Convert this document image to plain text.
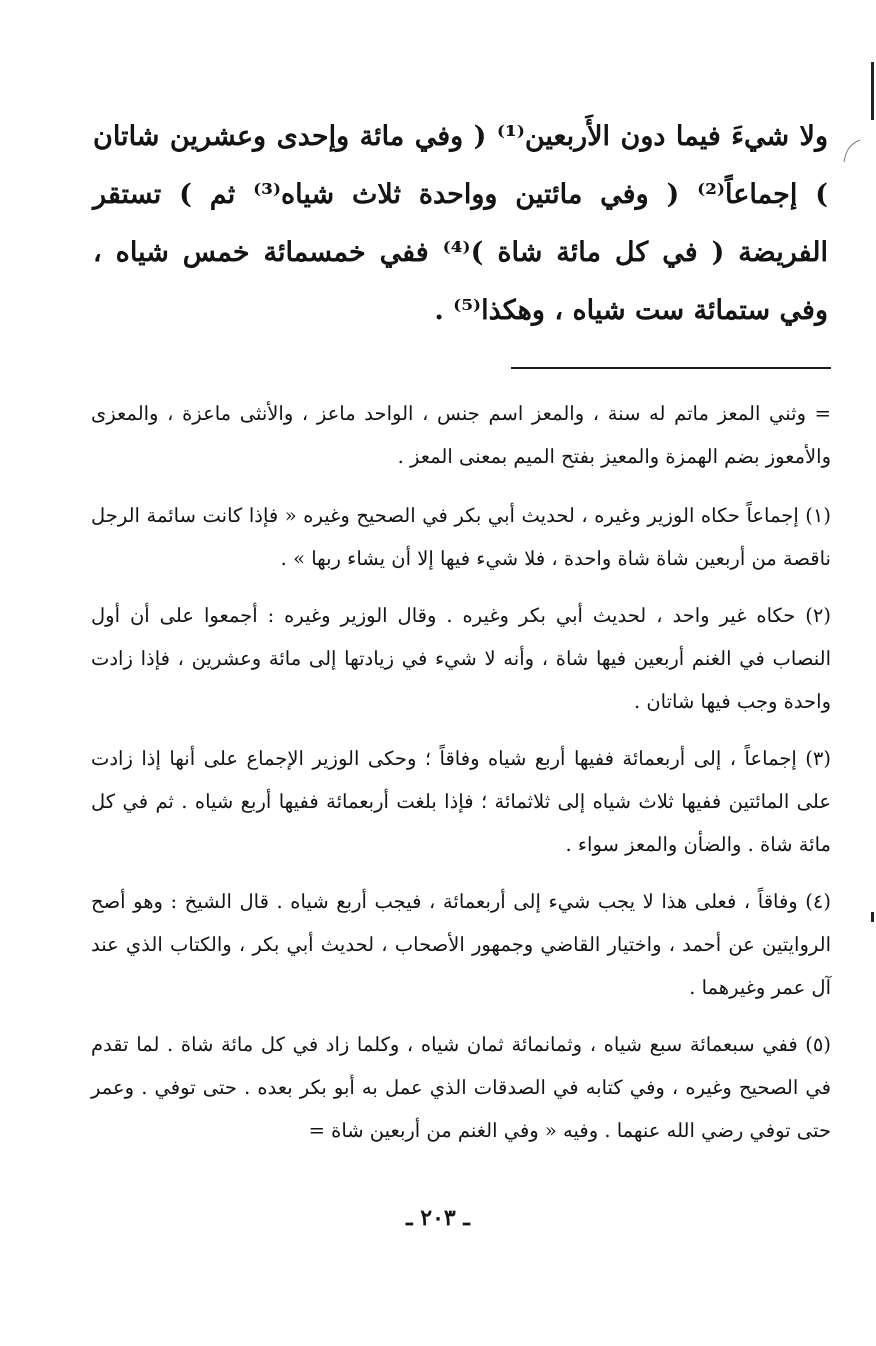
ولا شيءَ فيما دون الأَربعين⁽¹⁾ ( وفي مائة وإحدى وعشرين شاتان ) إجماعاً⁽²⁾ ( وفي مائتين وواحدة ثلاث شياه⁽³⁾ ثم ) تستقر الفريضة ( في كل مائة شاة )⁽⁴⁾ ففي خمسمائة خمس شياه ، وفي ستمائة ست شياه ، وهكذا⁽⁵⁾ .

= وثني المعز ماتم له سنة ، والمعز اسم جنس ، الواحد ماعز ، والأنثى ماعزة ، والمعزى والأمعوز بضم الهمزة والمعيز بفتح الميم بمعنى المعز .

(١) إجماعاً حكاه الوزير وغيره ، لحديث أبي بكر في الصحيح وغيره « فإذا كانت سائمة الرجل ناقصة من أربعين شاة شاة واحدة ، فلا شيء فيها إلا أن يشاء ربها » .

(٢) حكاه غير واحد ، لحديث أبي بكر وغيره . وقال الوزير وغيره : أجمعوا على أن أول النصاب في الغنم أربعين فيها شاة ، وأنه لا شيء في زيادتها إلى مائة وعشرين ، فإذا زادت واحدة وجب فيها شاتان .

(٣) إجماعاً ، إلى أربعمائة ففيها أربع شياه وفاقاً ؛ وحكى الوزير الإجماع على أنها إذا زادت على المائتين ففيها ثلاث شياه إلى ثلاثمائة ؛ فإذا بلغت أربعمائة ففيها أربع شياه . ثم في كل مائة شاة . والضأن والمعز سواء .

(٤) وفاقاً ، فعلى هذا لا يجب شيء إلى أربعمائة ، فيجب أربع شياه . قال الشيخ : وهو أصح الروايتين عن أحمد ، واختيار القاضي وجمهور الأصحاب ، لحديث أبي بكر ، والكتاب الذي عند آل عمر وغيرهما .

(٥) ففي سبعمائة سبع شياه ، وثمانمائة ثمان شياه ، وكلما زاد في كل مائة شاة . لما تقدم في الصحيح وغيره ، وفي كتابه في الصدقات الذي عمل به أبو بكر بعده . حتى توفي . وعمر حتى توفي رضي الله عنهما . وفيه « وفي الغنم من أربعين شاة =

ـ ٢٠٣ ـ
